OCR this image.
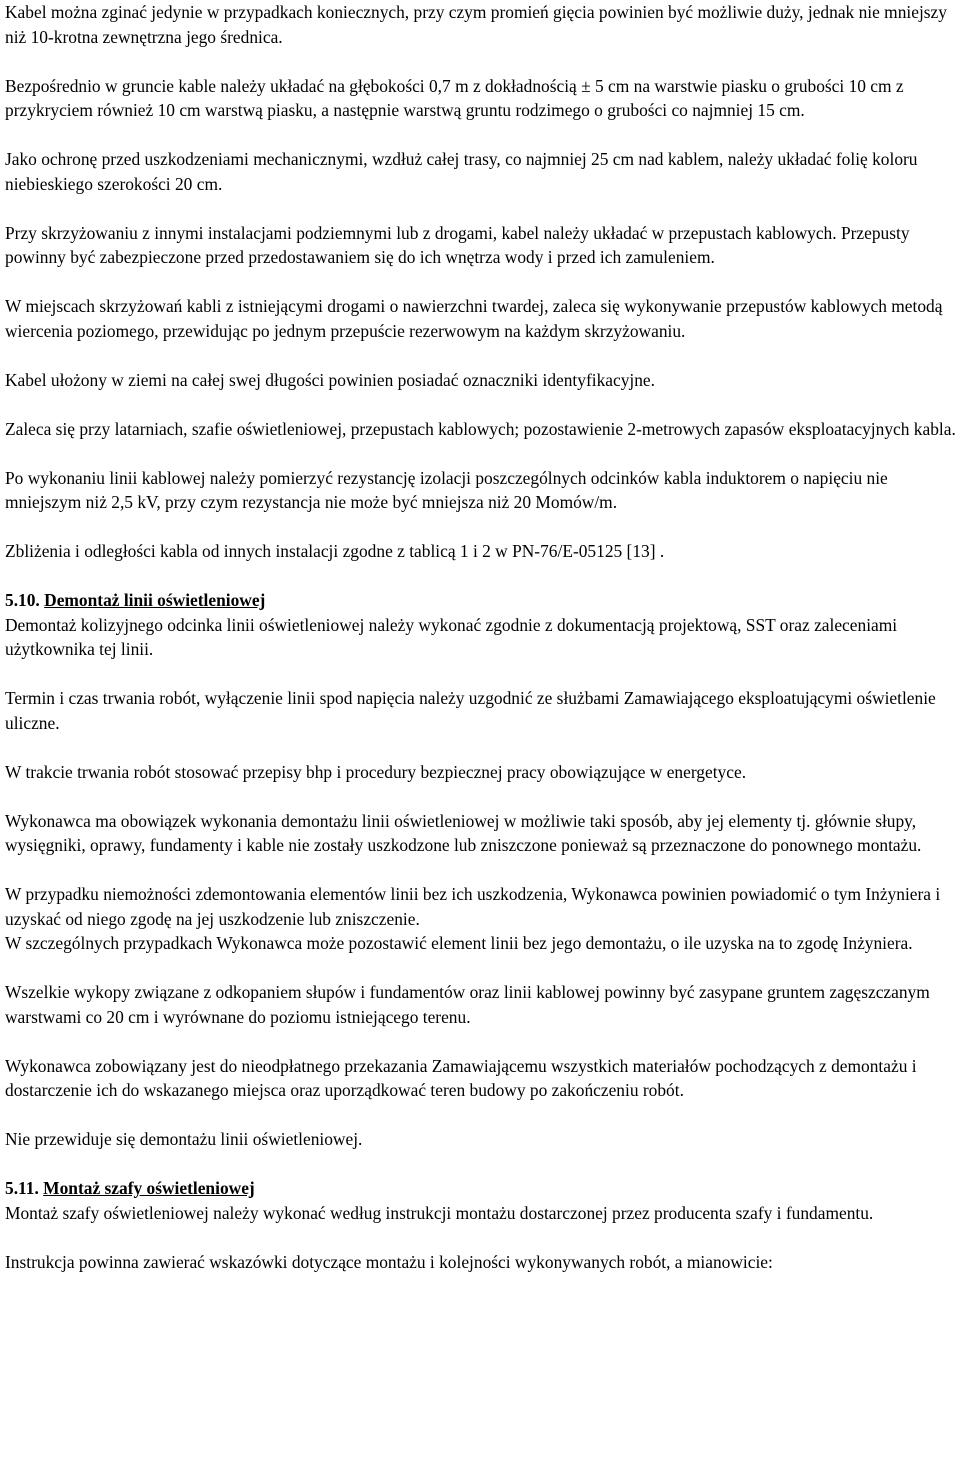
Kabel można zginać jedynie w przypadkach koniecznych, przy czym promień gięcia powinien być możliwie duży, jednak nie mniejszy niż 10-krotna zewnętrzna jego średnica.

Bezpośrednio w gruncie kable należy układać na głębokości 0,7 m z dokładnością ± 5 cm na warstwie piasku o grubości 10 cm z przykryciem również 10 cm warstwą piasku, a następnie warstwą gruntu rodzimego o grubości co najmniej 15 cm.

Jako ochronę przed uszkodzeniami mechanicznymi, wzdłuż całej trasy, co najmniej 25 cm nad kablem, należy układać folię koloru niebieskiego szerokości 20 cm.

Przy skrzyżowaniu z innymi instalacjami podziemnymi lub z drogami, kabel należy układać w przepustach kablowych. Przepusty powinny być zabezpieczone przed przedostawaniem się do ich wnętrza wody i przed ich zamuleniem.

W miejscach skrzyżowań kabli z istniejącymi drogami o nawierzchni twardej, zaleca się wykonywanie przepustów kablowych metodą wiercenia poziomego, przewidując po jednym przepuście rezerwowym na każdym skrzyżowaniu.

Kabel ułożony w ziemi na całej swej długości powinien posiadać oznaczniki identyfikacyjne.

Zaleca się przy latarniach, szafie oświetleniowej, przepustach kablowych; pozostawienie 2-metrowych zapasów eksploatacyjnych kabla.

Po wykonaniu linii kablowej należy pomierzyć rezystancję izolacji poszczególnych odcinków kabla induktorem o napięciu nie mniejszym niż 2,5 kV, przy czym rezystancja nie może być mniejsza niż 20 Momów/m.

Zbliżenia i odległości kabla od innych instalacji zgodne z tablicą 1 i 2 w PN-76/E-05125 [13] .

5.10. Demontaż linii oświetleniowej

Demontaż kolizyjnego odcinka linii oświetleniowej należy wykonać zgodnie z dokumentacją projektową, SST oraz zaleceniami użytkownika tej linii.

Termin i czas trwania robót, wyłączenie linii spod napięcia należy uzgodnić ze służbami Zamawiającego eksploatującymi oświetlenie uliczne.

W trakcie trwania robót stosować przepisy bhp i procedury bezpiecznej pracy obowiązujące w energetyce.

Wykonawca ma obowiązek wykonania demontażu linii oświetleniowej w możliwie taki sposób, aby jej elementy tj. głównie słupy, wysięgniki, oprawy, fundamenty i kable nie zostały uszkodzone lub zniszczone ponieważ są przeznaczone do ponownego montażu.

W przypadku niemożności zdemontowania elementów linii bez ich uszkodzenia, Wykonawca powinien powiadomić o tym Inżyniera i uzyskać od niego zgodę na jej uszkodzenie lub zniszczenie.

W szczególnych przypadkach Wykonawca może pozostawić element linii bez jego demontażu, o ile uzyska na to zgodę Inżyniera.

Wszelkie wykopy związane z odkopaniem słupów i fundamentów oraz linii kablowej powinny być zasypane gruntem zagęszczanym warstwami co 20 cm i wyrównane do poziomu istniejącego terenu.

Wykonawca zobowiązany jest do nieodpłatnego przekazania Zamawiającemu wszystkich materiałów pochodzących z demontażu i dostarczenie ich do wskazanego miejsca oraz uporządkować teren budowy po zakończeniu robót.

Nie przewiduje się demontażu linii oświetleniowej.

5.11. Montaż szafy oświetleniowej

Montaż szafy oświetleniowej należy wykonać według instrukcji montażu dostarczonej przez producenta szafy i fundamentu.

Instrukcja powinna zawierać wskazówki dotyczące montażu i kolejności wykonywanych robót, a mianowicie:
